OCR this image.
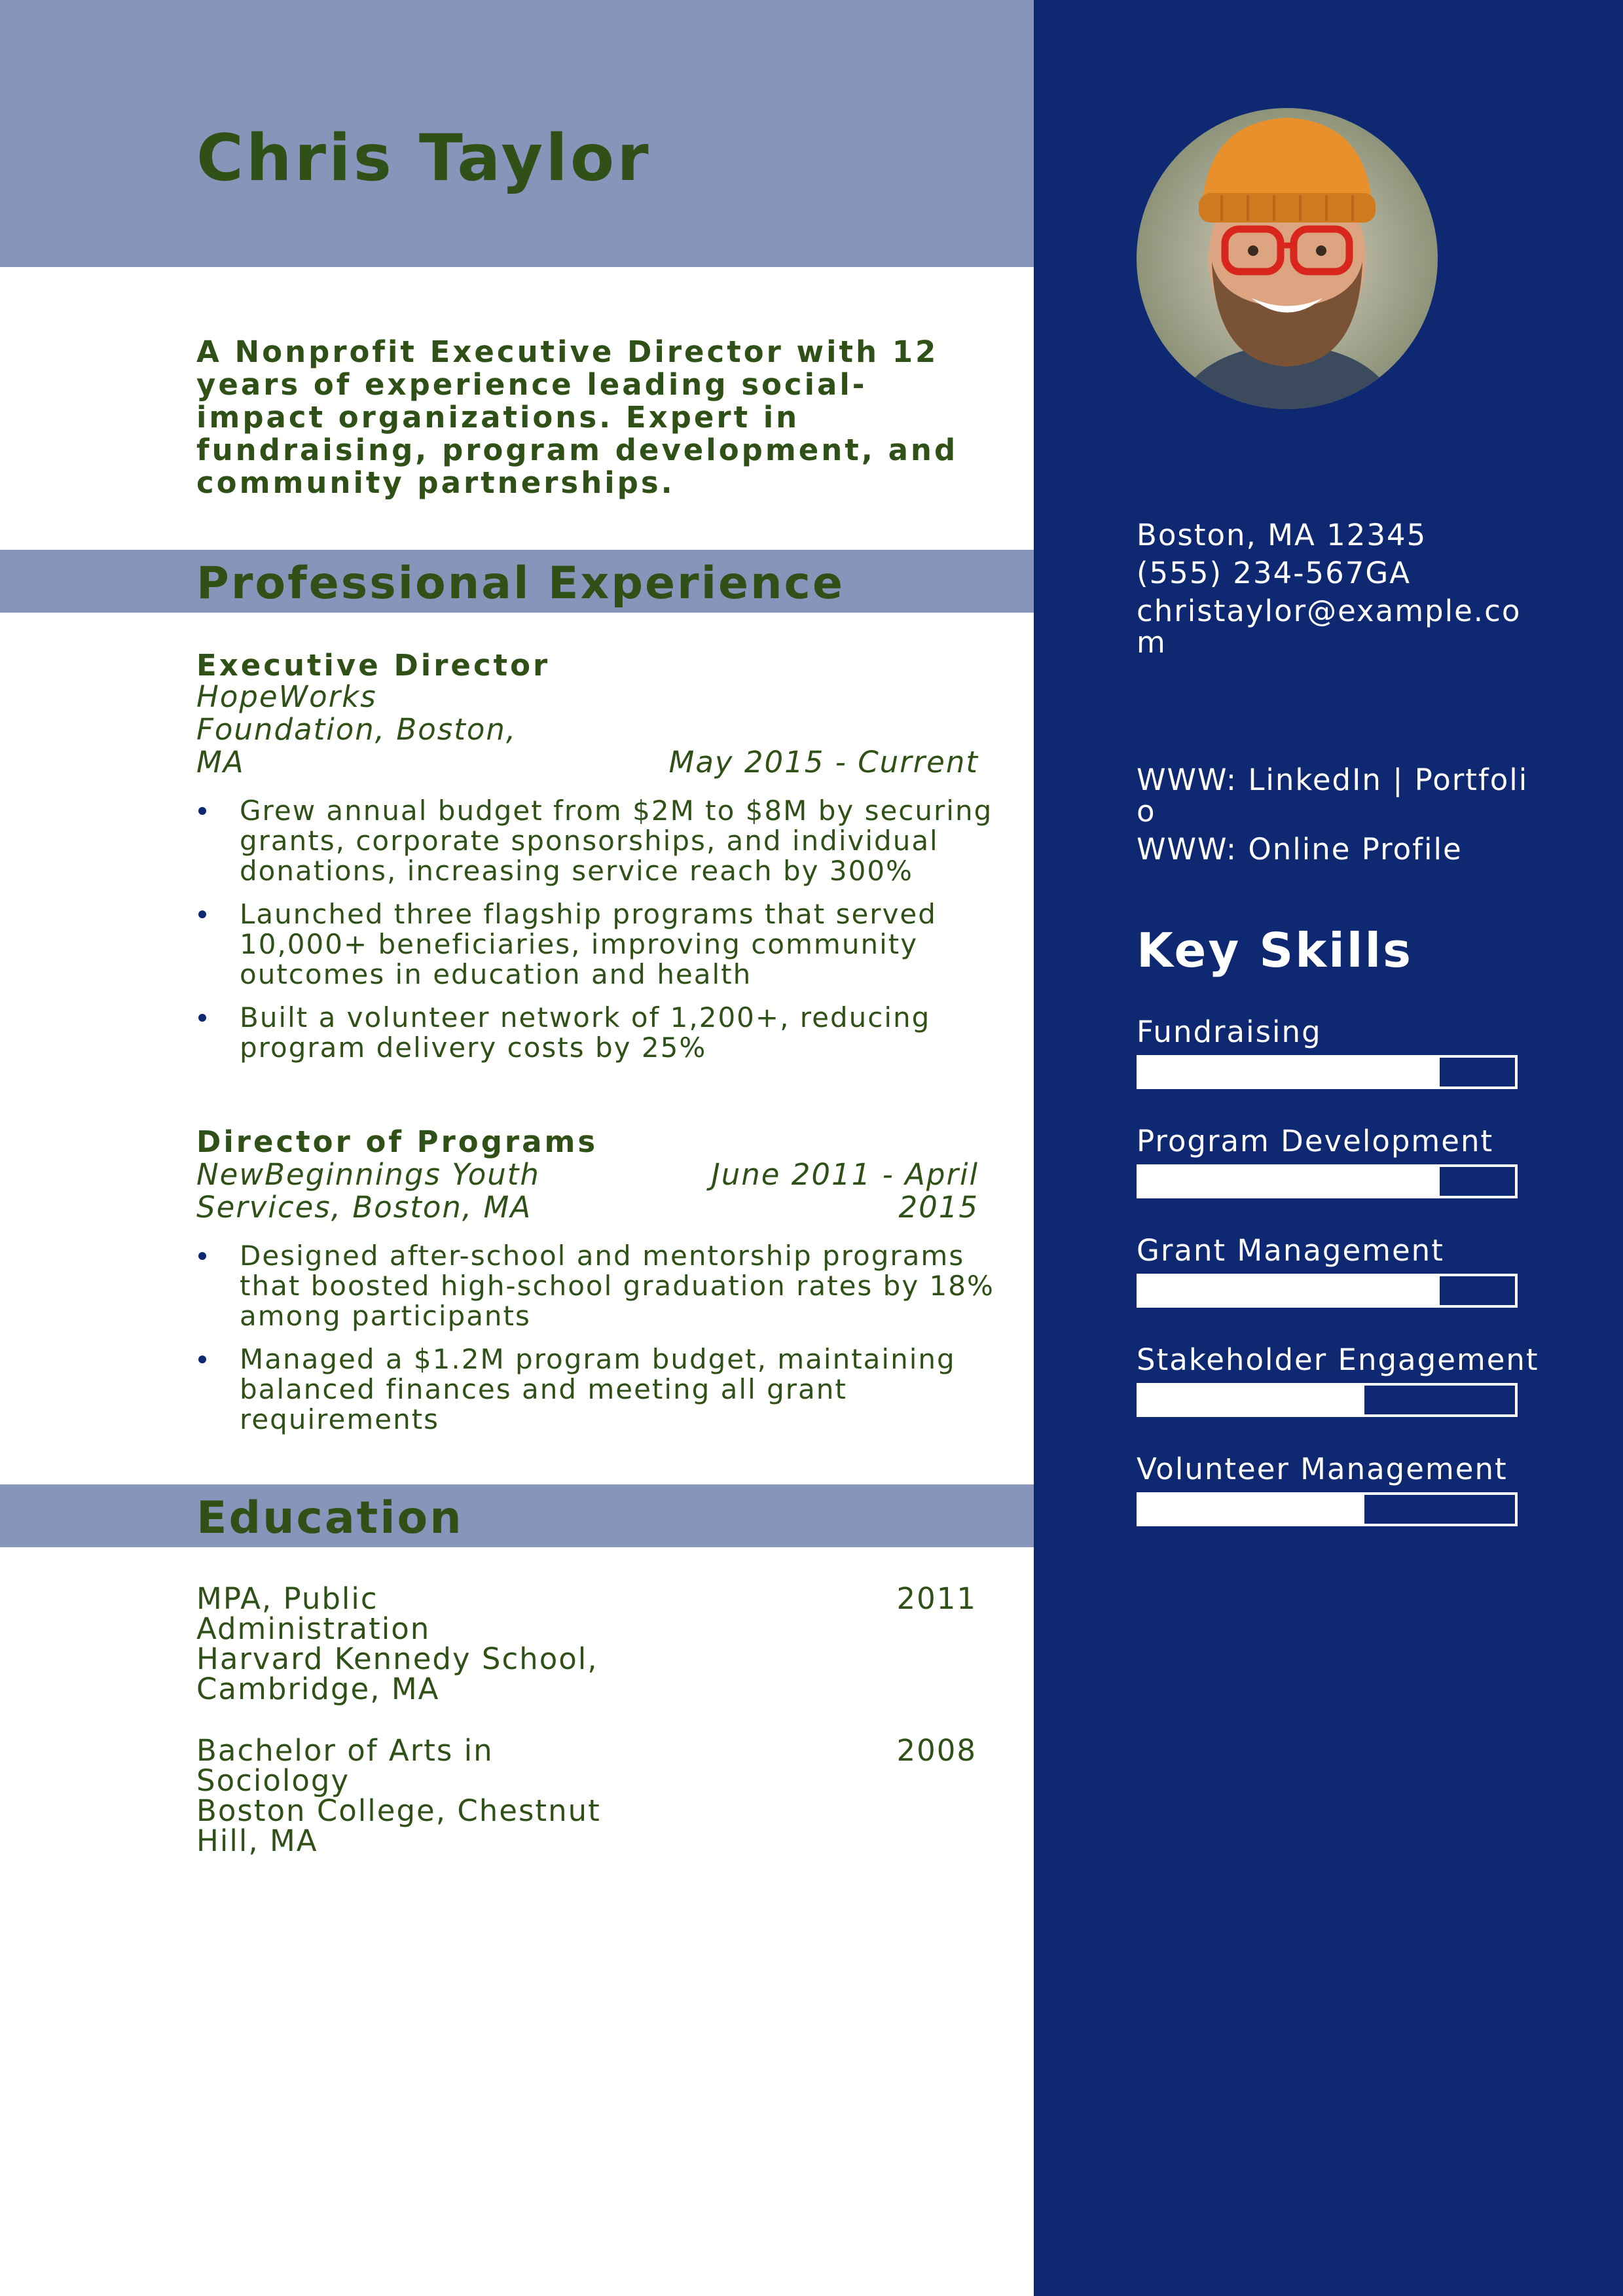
Chris Taylor

A Nonprofit Executive Director with 12 years of experience leading social-impact organizations. Expert in fundraising, program development, and community partnerships.

Professional Experience
Executive Director
HopeWorks
Foundation, Boston,
MA	May 2015 - Current
Grew annual budget from $2M to $8M by securing grants, corporate sponsorships, and individual donations, increasing service reach by 300%
Launched three flagship programs that served 10,000+ beneficiaries, improving community outcomes in education and health
Built a volunteer network of 1,200+, reducing program delivery costs by 25%
Director of Programs
NewBeginnings Youth
Services, Boston, MA
June 2011 - April
2015
Designed after-school and mentorship programs that boosted high-school graduation rates by 18% among participants
Managed a $1.2M program budget, maintaining balanced finances and meeting all grant requirements
Education
MPA, Public
Administration
Harvard Kennedy School,
Cambridge, MA
2011
Bachelor of Arts in
Sociology
Boston College, Chestnut
Hill, MA
2008
Boston, MA 12345
(555) 234-567GA
christaylor@example.com
WWW: LinkedIn | Portfolio
WWW: Online Profile
Key Skills
Fundraising
Program Development
Grant Management
Stakeholder Engagement
Volunteer Management
